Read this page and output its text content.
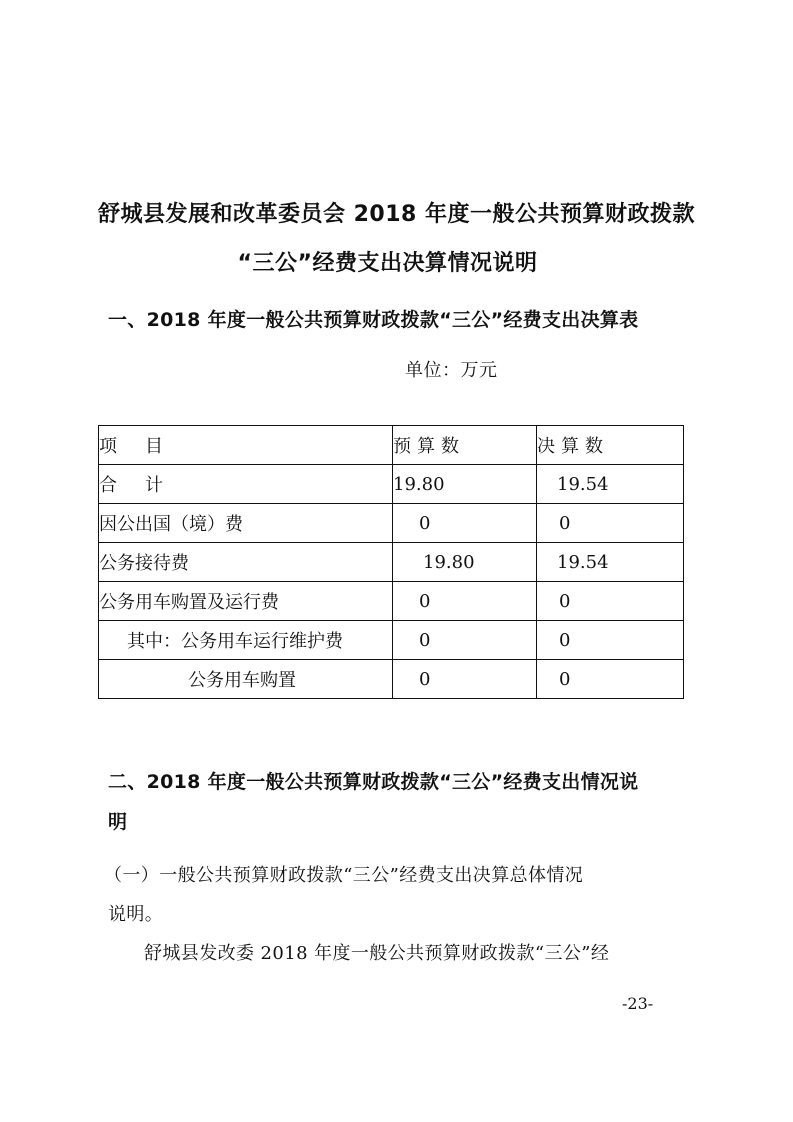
舒城县发展和改革委员会 2018 年度一般公共预算财政拨款
“三公”经费支出决算情况说明
一、2018 年度一般公共预算财政拨款“三公”经费支出决算表
单位：万元
项目	预算数	决算数
合计	19.80	19.54
因公出国（境）费	0	0
公务接待费	19.80	19.54
公务用车购置及运行费	0	0
其中：公务用车运行维护费	0	0
公务用车购置	0	0
二、2018 年度一般公共预算财政拨款“三公”经费支出情况说
明
（一）一般公共预算财政拨款“三公”经费支出决算总体情况
说明。
舒城县发改委 2018 年度一般公共预算财政拨款“三公”经
-23-
